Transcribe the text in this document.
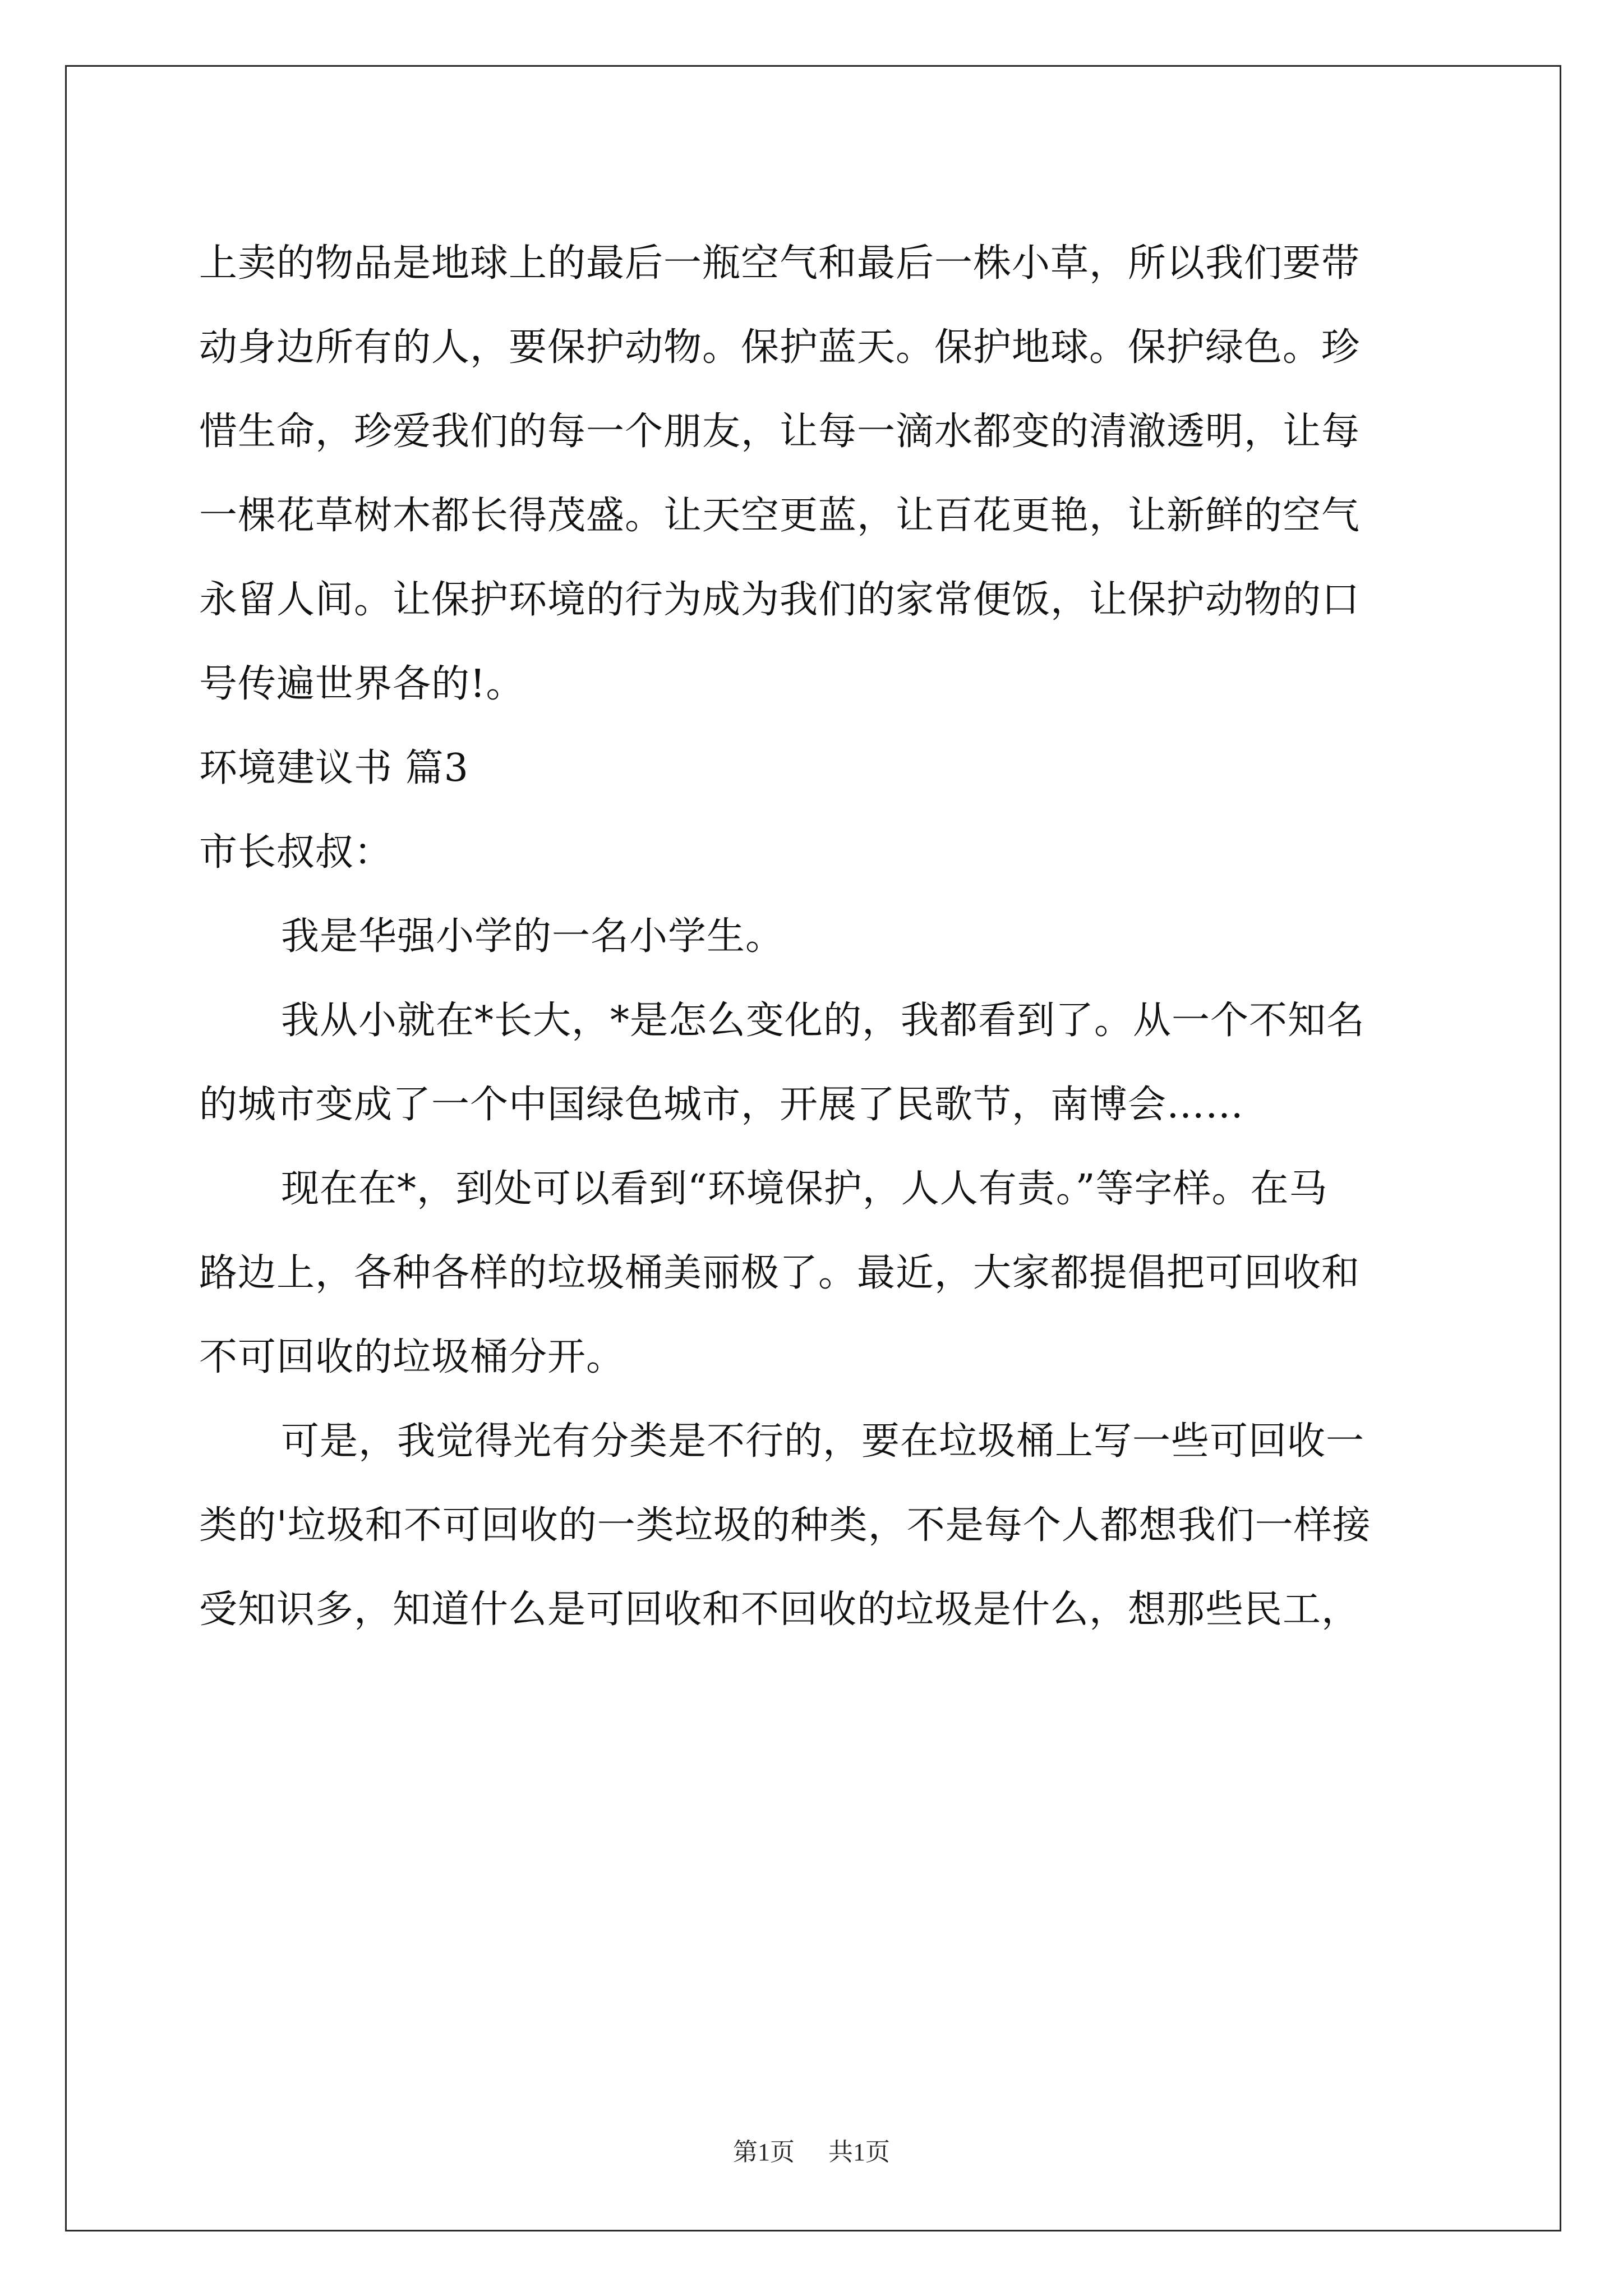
上卖的物品是地球上的最后一瓶空气和最后一株小草，所以我们要带
动身边所有的人，要保护动物。保护蓝天。保护地球。保护绿色。珍
惜生命，珍爱我们的每一个朋友，让每一滴水都变的清澈透明，让每
一棵花草树木都长得茂盛。让天空更蓝，让百花更艳，让新鲜的空气
永留人间。让保护环境的行为成为我们的家常便饭，让保护动物的口
号传遍世界各的!。
环境建议书 篇3
市长叔叔：
我是华强小学的一名小学生。
我从小就在*长大，*是怎么变化的，我都看到了。从一个不知名
的城市变成了一个中国绿色城市，开展了民歌节，南博会……
现在在*，到处可以看到“环境保护，人人有责。”等字样。在马
路边上，各种各样的垃圾桶美丽极了。最近，大家都提倡把可回收和
不可回收的垃圾桶分开。
可是，我觉得光有分类是不行的，要在垃圾桶上写一些可回收一
类的'垃圾和不可回收的一类垃圾的种类，不是每个人都想我们一样接
受知识多，知道什么是可回收和不回收的垃圾是什么，想那些民工，
第1页 共1页
